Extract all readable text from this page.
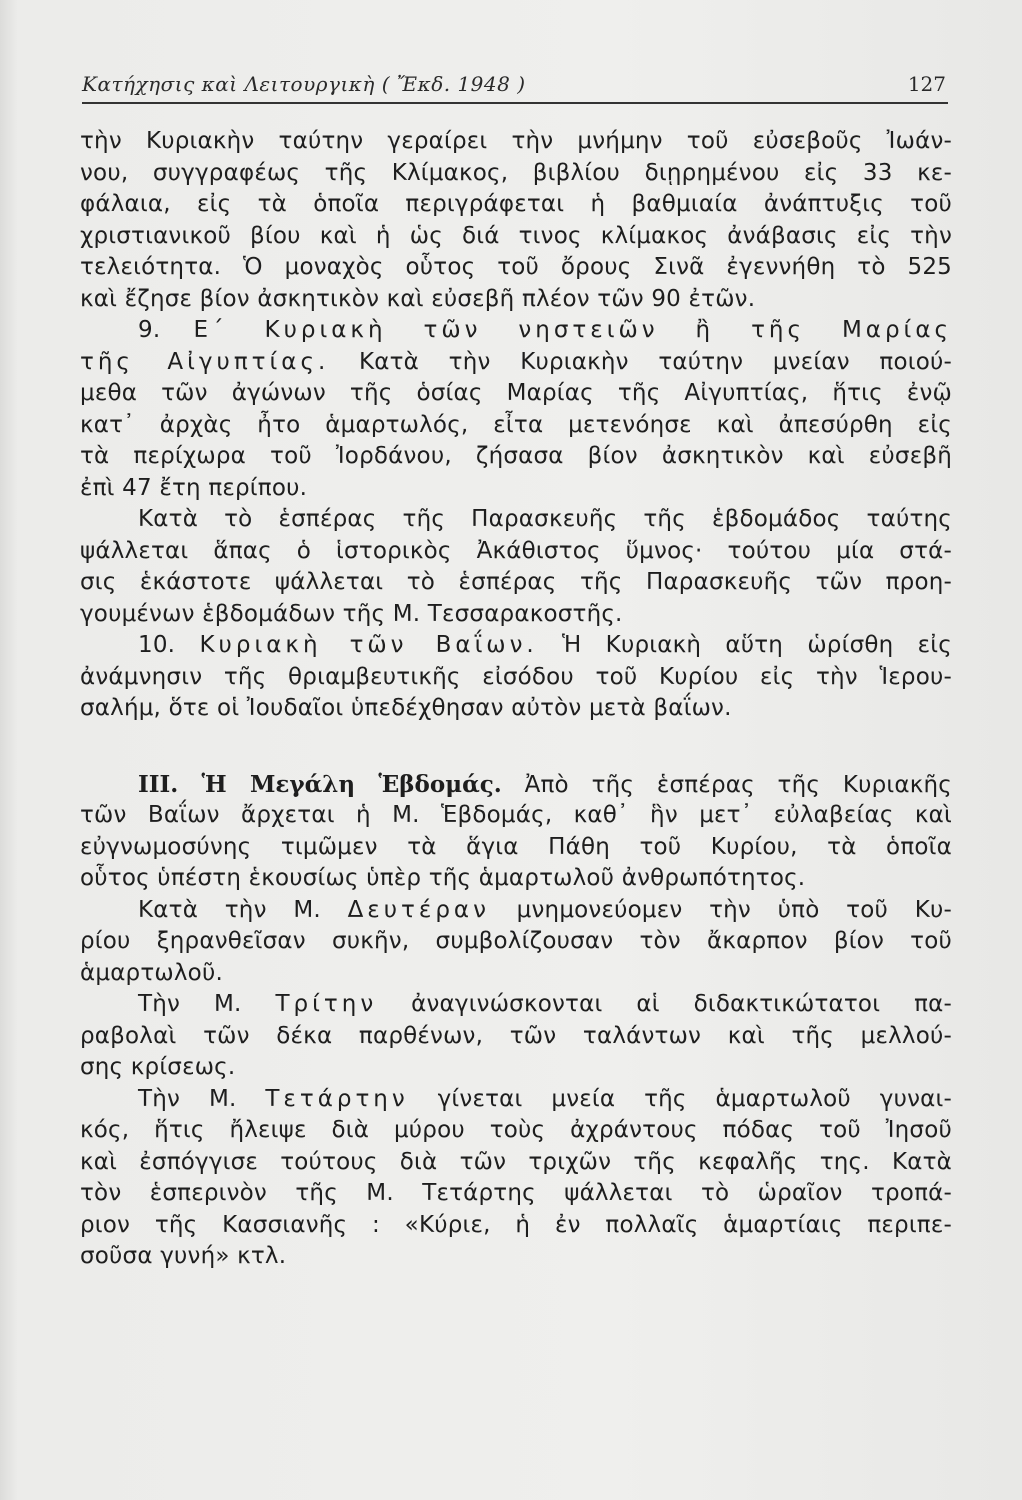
Κατήχησις καὶ Λειτουργικὴ ( Ἔκδ. 1948 )	127
τὴν Κυριακὴν ταύτην γεραίρει τὴν μνήμην τοῦ εὐσεβοῦς Ἰωάν-
νου, συγγραφέως τῆς Κλίμακος, βιβλίου διῃρημένου εἰς 33 κε-
φάλαια, εἰς τὰ ὁποῖα περιγράφεται ἡ βαθμιαία ἀνάπτυξις τοῦ
χριστιανικοῦ βίου καὶ ἡ ὡς διά τινος κλίμακος ἀνάβασις εἰς τὴν
τελειότητα. Ὁ μοναχὸς οὗτος τοῦ ὄρους Σινᾶ ἐγεννήθη τὸ 525
καὶ ἔζησε βίον ἀσκητικὸν καὶ εὐσεβῆ πλέον τῶν 90 ἐτῶν.
9. Ε΄ Κυριακὴ τῶν νηστειῶν ἢ τῆς Μαρίας
τῆς Αἰγυπτίας. Κατὰ τὴν Κυριακὴν ταύτην μνείαν ποιού-
μεθα τῶν ἀγώνων τῆς ὁσίας Μαρίας τῆς Αἰγυπτίας, ἥτις ἐνῷ
κατ᾽ ἀρχὰς ἦτο ἁμαρτωλός, εἶτα μετενόησε καὶ ἀπεσύρθη εἰς
τὰ περίχωρα τοῦ Ἰορδάνου, ζήσασα βίον ἀσκητικὸν καὶ εὐσεβῆ
ἐπὶ 47 ἔτη περίπου.
Κατὰ τὸ ἑσπέρας τῆς Παρασκευῆς τῆς ἑβδομάδος ταύτης
ψάλλεται ἅπας ὁ ἱστορικὸς Ἀκάθιστος ὕμνος· τούτου μία στά-
σις ἑκάστοτε ψάλλεται τὸ ἑσπέρας τῆς Παρασκευῆς τῶν προη-
γουμένων ἑβδομάδων τῆς Μ. Τεσσαρακοστῆς.
10. Κυριακὴ τῶν Βαΐων. Ἡ Κυριακὴ αὕτη ὡρίσθη εἰς
ἀνάμνησιν τῆς θριαμβευτικῆς εἰσόδου τοῦ Κυρίου εἰς τὴν Ἱερου-
σαλήμ, ὅτε οἱ Ἰουδαῖοι ὑπεδέχθησαν αὐτὸν μετὰ βαΐων.
III. Ἡ Μεγάλη Ἑβδομάς. Ἀπὸ τῆς ἑσπέρας τῆς Κυριακῆς
τῶν Βαΐων ἄρχεται ἡ Μ. Ἑβδομάς, καθ᾽ ἣν μετ᾽ εὐλαβείας καὶ
εὐγνωμοσύνης τιμῶμεν τὰ ἅγια Πάθη τοῦ Κυρίου, τὰ ὁποῖα
οὗτος ὑπέστη ἑκουσίως ὑπὲρ τῆς ἁμαρτωλοῦ ἀνθρωπότητος.
Κατὰ τὴν Μ. Δευτέραν μνημονεύομεν τὴν ὑπὸ τοῦ Κυ-
ρίου ξηρανθεῖσαν συκῆν, συμβολίζουσαν τὸν ἄκαρπον βίον τοῦ
ἁμαρτωλοῦ.
Τὴν Μ. Τρίτην ἀναγινώσκονται αἱ διδακτικώτατοι πα-
ραβολαὶ τῶν δέκα παρθένων, τῶν ταλάντων καὶ τῆς μελλού-
σης κρίσεως.
Τὴν Μ. Τετάρτην γίνεται μνεία τῆς ἁμαρτωλοῦ γυναι-
κός, ἥτις ἤλειψε διὰ μύρου τοὺς ἀχράντους πόδας τοῦ Ἰησοῦ
καὶ ἐσπόγγισε τούτους διὰ τῶν τριχῶν τῆς κεφαλῆς της. Κατὰ
τὸν ἑσπερινὸν τῆς Μ. Τετάρτης ψάλλεται τὸ ὡραῖον τροπά-
ριον τῆς Κασσιανῆς : «Κύριε, ἡ ἐν πολλαῖς ἁμαρτίαις περιπε-
σοῦσα γυνή» κτλ.
